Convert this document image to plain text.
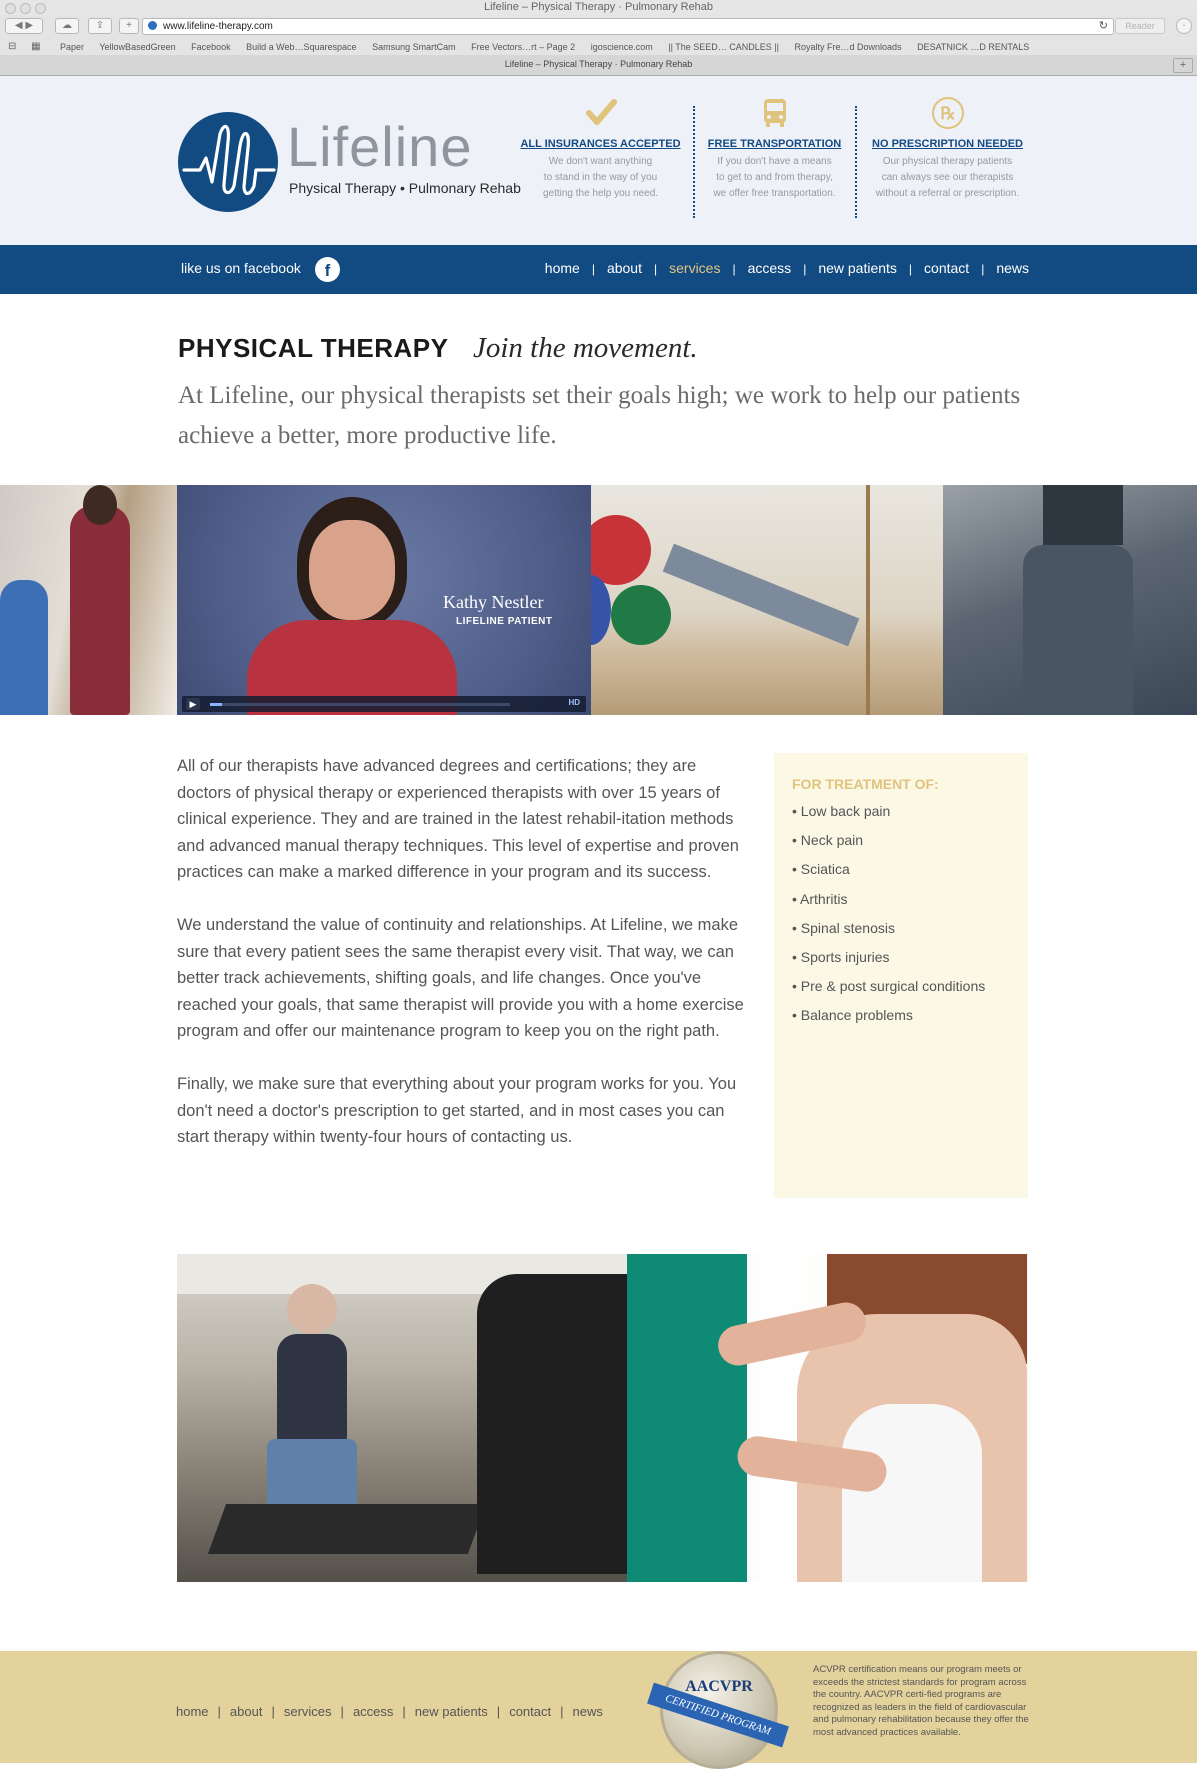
Lifeline – Physical Therapy · Pulmonary Rehab
◀ ▶	☁	⇪	+	www.lifeline-therapy.com	↻	Reader	·
⊟ ▦ Paper YellowBasedGreen Facebook Build a Web…Squarespace Samsung SmartCam Free Vectors…rt – Page 2 igoscience.com || The SEED… CANDLES || Royalty Fre…d Downloads DESATNICK …D RENTALS
Lifeline – Physical Therapy · Pulmonary Rehab	+
Lifeline
Physical Therapy • Pulmonary Rehab
ALL INSURANCES ACCEPTED
We don't want anything
to stand in the way of you
getting the help you need.
FREE TRANSPORTATION
If you don't have a means
to get to and from therapy,
we offer free transportation.
℞
NO PRESCRIPTION NEEDED
Our physical therapy patients
can always see our therapists
without a referral or prescription.
like us on facebook	f	home | about | services | access | new patients | contact | news
PHYSICAL THERAPY Join the movement.
At Lifeline, our physical therapists set their goals high; we work to help our patients achieve a better, more productive life.
Kathy Nestler
LIFELINE PATIENT
▶	HD

All of our therapists have advanced degrees and certifications; they are doctors of physical therapy or experienced therapists with over 15 years of clinical experience. They and are trained in the latest rehabil-itation methods and advanced manual therapy techniques. This level of expertise and proven practices can make a marked difference in your program and its success.

We understand the value of continuity and relationships. At Lifeline, we make sure that every patient sees the same therapist every visit. That way, we can better track achievements, shifting goals, and life changes. Once you've reached your goals, that same therapist will provide you with a home exercise program and offer our maintenance program to keep you on the right path.

Finally, we make sure that everything about your program works for you. You don't need a doctor's prescription to get started, and in most cases you can start therapy within twenty-four hours of contacting us.

FOR TREATMENT OF:
• Low back pain
• Neck pain
• Sciatica
• Arthritis
• Spinal stenosis
• Sports injuries
• Pre & post surgical conditions
• Balance problems
home | about | services | access | new patients | contact | news
AACVPR
CERTIFIED PROGRAM
ACVPR certification means our program meets or exceeds the strictest standards for program across the country. AACVPR certi-fied programs are recognized as leaders in the field of cardiovascular and pulmonary rehabilitation because they offer the most advanced practices available.
